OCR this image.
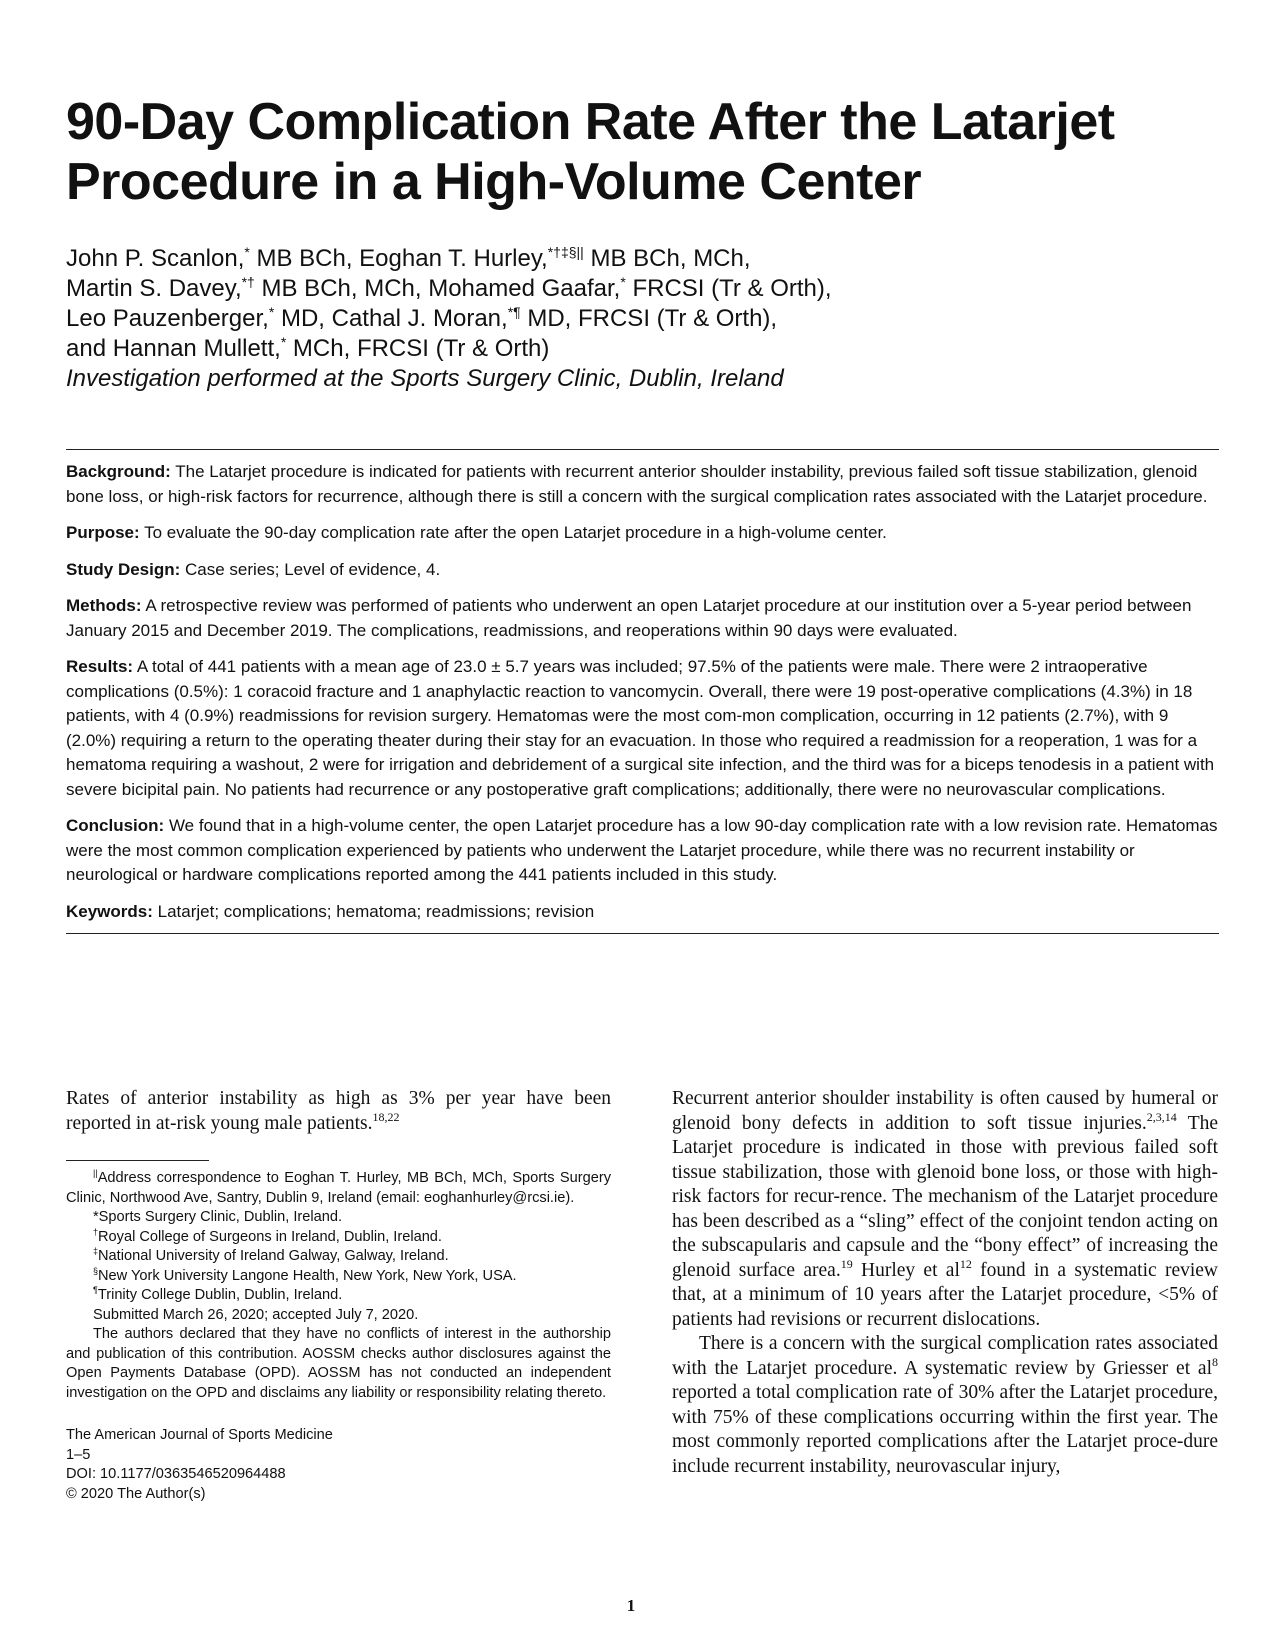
90-Day Complication Rate After the Latarjet
Procedure in a High-Volume Center
John P. Scanlon,* MB BCh, Eoghan T. Hurley,*†‡§|| MB BCh, MCh,
Martin S. Davey,*† MB BCh, MCh, Mohamed Gaafar,* FRCSI (Tr & Orth),
Leo Pauzenberger,* MD, Cathal J. Moran,*¶ MD, FRCSI (Tr & Orth),
and Hannan Mullett,* MCh, FRCSI (Tr & Orth)
Investigation performed at the Sports Surgery Clinic, Dublin, Ireland

Background: The Latarjet procedure is indicated for patients with recurrent anterior shoulder instability, previous failed soft tissue stabilization, glenoid bone loss, or high-risk factors for recurrence, although there is still a concern with the surgical complication rates associated with the Latarjet procedure.

Purpose: To evaluate the 90-day complication rate after the open Latarjet procedure in a high-volume center.

Study Design: Case series; Level of evidence, 4.

Methods: A retrospective review was performed of patients who underwent an open Latarjet procedure at our institution over a 5-year period between January 2015 and December 2019. The complications, readmissions, and reoperations within 90 days were evaluated.

Results: A total of 441 patients with a mean age of 23.0 ± 5.7 years was included; 97.5% of the patients were male. There were 2 intraoperative complications (0.5%): 1 coracoid fracture and 1 anaphylactic reaction to vancomycin. Overall, there were 19 post-operative complications (4.3%) in 18 patients, with 4 (0.9%) readmissions for revision surgery. Hematomas were the most com-mon complication, occurring in 12 patients (2.7%), with 9 (2.0%) requiring a return to the operating theater during their stay for an evacuation. In those who required a readmission for a reoperation, 1 was for a hematoma requiring a washout, 2 were for irrigation and debridement of a surgical site infection, and the third was for a biceps tenodesis in a patient with severe bicipital pain. No patients had recurrence or any postoperative graft complications; additionally, there were no neurovascular complications.

Conclusion: We found that in a high-volume center, the open Latarjet procedure has a low 90-day complication rate with a low revision rate. Hematomas were the most common complication experienced by patients who underwent the Latarjet procedure, while there was no recurrent instability or neurological or hardware complications reported among the 441 patients included in this study.

Keywords: Latarjet; complications; hematoma; readmissions; revision

Rates of anterior instability as high as 3% per year have been reported in at-risk young male patients.$^{18,22}$

||Address correspondence to Eoghan T. Hurley, MB BCh, MCh, Sports Surgery Clinic, Northwood Ave, Santry, Dublin 9, Ireland (email: eoghanhurley@rcsi.ie).

*Sports Surgery Clinic, Dublin, Ireland.

†Royal College of Surgeons in Ireland, Dublin, Ireland.

‡National University of Ireland Galway, Galway, Ireland.

§New York University Langone Health, New York, New York, USA.

¶Trinity College Dublin, Dublin, Ireland.

Submitted March 26, 2020; accepted July 7, 2020.

The authors declared that they have no conflicts of interest in the authorship and publication of this contribution. AOSSM checks author disclosures against the Open Payments Database (OPD). AOSSM has not conducted an independent investigation on the OPD and disclaims any liability or responsibility relating thereto.

The American Journal of Sports Medicine
1–5
DOI: 10.1177/0363546520964488
© 2020 The Author(s)

Recurrent anterior shoulder instability is often caused by humeral or glenoid bony defects in addition to soft tissue injuries.$^{2,3,14}$ The Latarjet procedure is indicated in those with previous failed soft tissue stabilization, those with glenoid bone loss, or those with high-risk factors for recur-rence. The mechanism of the Latarjet procedure has been described as a “sling” effect of the conjoint tendon acting on the subscapularis and capsule and the “bony effect” of increasing the glenoid surface area.$^{19}$ Hurley et $al^{12}$ found in a systematic review that, at a minimum of 10 years after the Latarjet procedure, <5% of patients had revisions or recurrent dislocations.

There is a concern with the surgical complication rates associated with the Latarjet procedure. A systematic review by Griesser et $al^8$ reported a total complication rate of 30% after the Latarjet procedure, with 75% of these complications occurring within the first year. The most commonly reported complications after the Latarjet proce-dure include recurrent instability, neurovascular injury,

1
